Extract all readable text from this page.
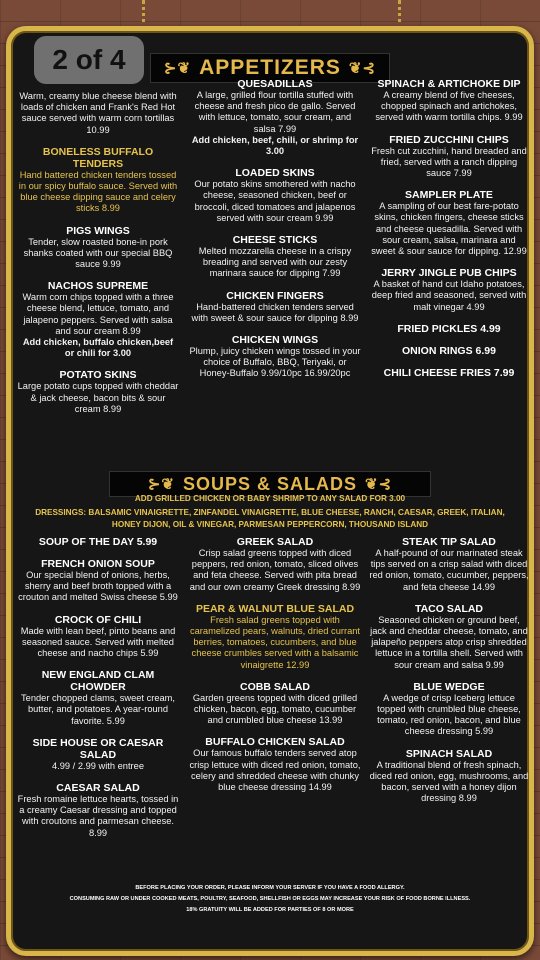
2 of 4	⊱❦ APPETIZERS ❦⊰

Warm, creamy blue cheese blend with loads of chicken and Frank's Red Hot sauce served with warm corn tortillas 10.99

BONELESS BUFFALO TENDERS

Hand battered chicken tenders tossed in our spicy buffalo sauce. Served with blue cheese dipping sauce and celery sticks 8.99

PIGS WINGS

Tender, slow roasted bone-in pork shanks coated with our special BBQ sauce 9.99

NACHOS SUPREME

Warm corn chips topped with a three cheese blend, lettuce, tomato, and jalapeno peppers. Served with salsa and sour cream 8.99

Add chicken, buffalo chicken,beef or chili for 3.00

POTATO SKINS

Large potato cups topped with cheddar & jack cheese, bacon bits & sour cream 8.99

QUESADILLAS

A large, grilled flour tortilla stuffed with cheese and fresh pico de gallo. Served with lettuce, tomato, sour cream, and salsa 7.99

Add chicken, beef, chili, or shrimp for 3.00

LOADED SKINS

Our potato skins smothered with nacho cheese, seasoned chicken, beef or broccoli, diced tomatoes and jalapenos served with sour cream 9.99

CHEESE STICKS

Melted mozzarella cheese in a crispy breading and served with our zesty marinara sauce for dipping 7.99

CHICKEN FINGERS

Hand-battered chicken tenders served with sweet & sour sauce for dipping 8.99

CHICKEN WINGS

Plump, juicy chicken wings tossed in your choice of Buffalo, BBQ, Teriyaki, or Honey-Buffalo 9.99/10pc 16.99/20pc

SPINACH & ARTICHOKE DIP

A creamy blend of five cheeses, chopped spinach and artichokes, served with warm tortilla chips. 9.99

FRIED ZUCCHINI CHIPS

Fresh cut zucchini, hand breaded and fried, served with a ranch dipping sauce 7.99

SAMPLER PLATE

A sampling of our best fare-potato skins, chicken fingers, cheese sticks and cheese quesadilla. Served with sour cream, salsa, marinara and sweet & sour sauce for dipping. 12.99

JERRY JINGLE PUB CHIPS

A basket of hand cut Idaho potatoes, deep fried and seasoned, served with malt vinegar 4.99

FRIED PICKLES 4.99
ONION RINGS 6.99
CHILI CHEESE FRIES 7.99
⊱❦ SOUPS & SALADS ❦⊰
ADD GRILLED CHICKEN OR BABY SHRIMP TO ANY SALAD FOR 3.00
DRESSINGS: BALSAMIC VINAIGRETTE, ZINFANDEL VINAIGRETTE, BLUE CHEESE, RANCH, CAESAR, GREEK, ITALIAN, HONEY DIJON, OIL & VINEGAR, PARMESAN PEPPERCORN, THOUSAND ISLAND
SOUP OF THE DAY 5.99
FRENCH ONION SOUP

Our special blend of onions, herbs, sherry and beef broth topped with a crouton and melted Swiss cheese 5.99

CROCK OF CHILI

Made with lean beef, pinto beans and seasoned sauce. Served with melted cheese and nacho chips 5.99

NEW ENGLAND CLAM CHOWDER

Tender chopped clams, sweet cream, butter, and potatoes. A year-round favorite. 5.99

SIDE HOUSE OR CAESAR SALAD

4.99 / 2.99 with entree

CAESAR SALAD

Fresh romaine lettuce hearts, tossed in a creamy Caesar dressing and topped with croutons and parmesan cheese. 8.99

GREEK SALAD

Crisp salad greens topped with diced peppers, red onion, tomato, sliced olives and feta cheese. Served with pita bread and our own creamy Greek dressing 8.99

PEAR & WALNUT BLUE SALAD

Fresh salad greens topped with caramelized pears, walnuts, dried currant berries, tomatoes, cucumbers, and blue cheese crumbles served with a balsamic vinaigrette 12.99

COBB SALAD

Garden greens topped with diced grilled chicken, bacon, egg, tomato, cucumber and crumbled blue cheese 13.99

BUFFALO CHICKEN SALAD

Our famous buffalo tenders served atop crisp lettuce with diced red onion, tomato, celery and shredded cheese with chunky blue cheese dressing 14.99

STEAK TIP SALAD

A half-pound of our marinated steak tips served on a crisp salad with diced red onion, tomato, cucumber, peppers, and feta cheese 14.99

TACO SALAD

Seasoned chicken or ground beef, jack and cheddar cheese, tomato, and jalapeño peppers atop crisp shredded lettuce in a tortilla shell. Served with sour cream and salsa 9.99

BLUE WEDGE

A wedge of crisp Iceberg lettuce topped with crumbled blue cheese, tomato, red onion, bacon, and blue cheese dressing 5.99

SPINACH SALAD

A traditional blend of fresh spinach, diced red onion, egg, mushrooms, and bacon, served with a honey dijon dressing 8.99

BEFORE PLACING YOUR ORDER, PLEASE INFORM YOUR SERVER IF YOU HAVE A FOOD ALLERGY.
CONSUMING RAW OR UNDER COOKED MEATS, POULTRY, SEAFOOD, SHELLFISH OR EGGS MAY INCREASE YOUR RISK OF FOOD BORNE ILLNESS.
18% GRATUITY WILL BE ADDED FOR PARTIES OF 8 OR MORE
